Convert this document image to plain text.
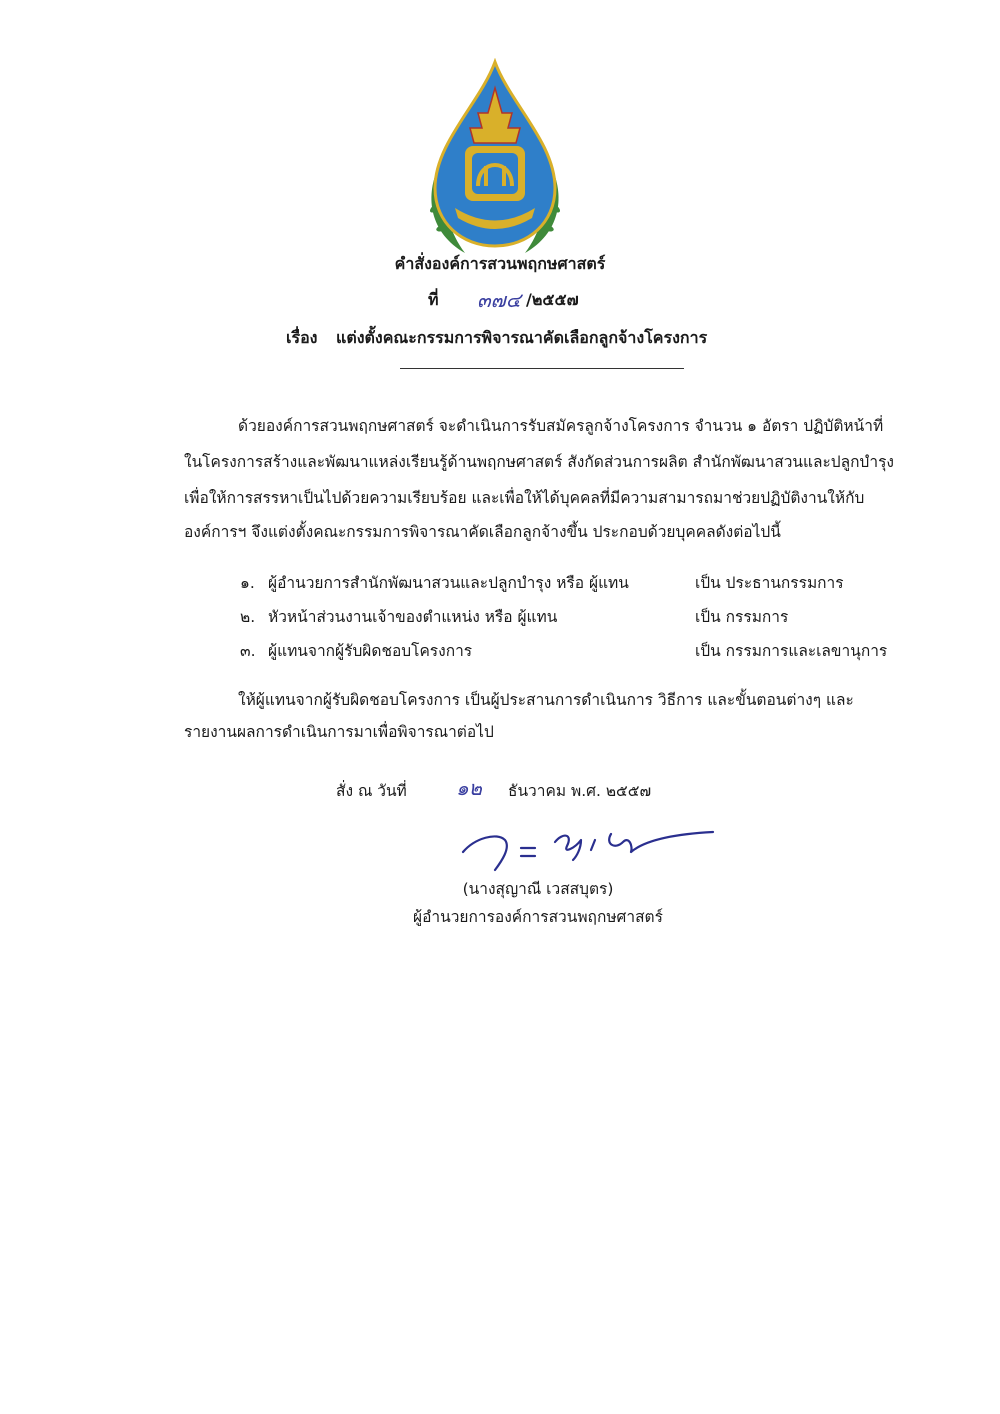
คำสั่งองค์การสวนพฤกษศาสตร์
ที่ ๓๗๔ /๒๕๕๗
เรื่อง แต่งตั้งคณะกรรมการพิจารณาคัดเลือกลูกจ้างโครงการ
ด้วยองค์การสวนพฤกษศาสตร์ จะดำเนินการรับสมัครลูกจ้างโครงการ จำนวน ๑ อัตรา ปฏิบัติหน้าที่
ในโครงการสร้างและพัฒนาแหล่งเรียนรู้ด้านพฤกษศาสตร์ สังกัดส่วนการผลิต สำนักพัฒนาสวนและปลูกบำรุง
เพื่อให้การสรรหาเป็นไปด้วยความเรียบร้อย และเพื่อให้ได้บุคคลที่มีความสามารถมาช่วยปฏิบัติงานให้กับ
องค์การฯ จึงแต่งตั้งคณะกรรมการพิจารณาคัดเลือกลูกจ้างขึ้น ประกอบด้วยบุคคลดังต่อไปนี้
๑. ผู้อำนวยการสำนักพัฒนาสวนและปลูกบำรุง หรือ ผู้แทน	เป็น ประธานกรรมการ
๒. หัวหน้าส่วนงานเจ้าของตำแหน่ง หรือ ผู้แทน	เป็น กรรมการ
๓. ผู้แทนจากผู้รับผิดชอบโครงการ	เป็น กรรมการและเลขานุการ
ให้ผู้แทนจากผู้รับผิดชอบโครงการ เป็นผู้ประสานการดำเนินการ วิธีการ และขั้นตอนต่างๆ และ
รายงานผลการดำเนินการมาเพื่อพิจารณาต่อไป
สั่ง ณ วันที่ ๑๒ ธันวาคม พ.ศ. ๒๕๕๗
(นางสุญาณี เวสสบุตร)
ผู้อำนวยการองค์การสวนพฤกษศาสตร์
